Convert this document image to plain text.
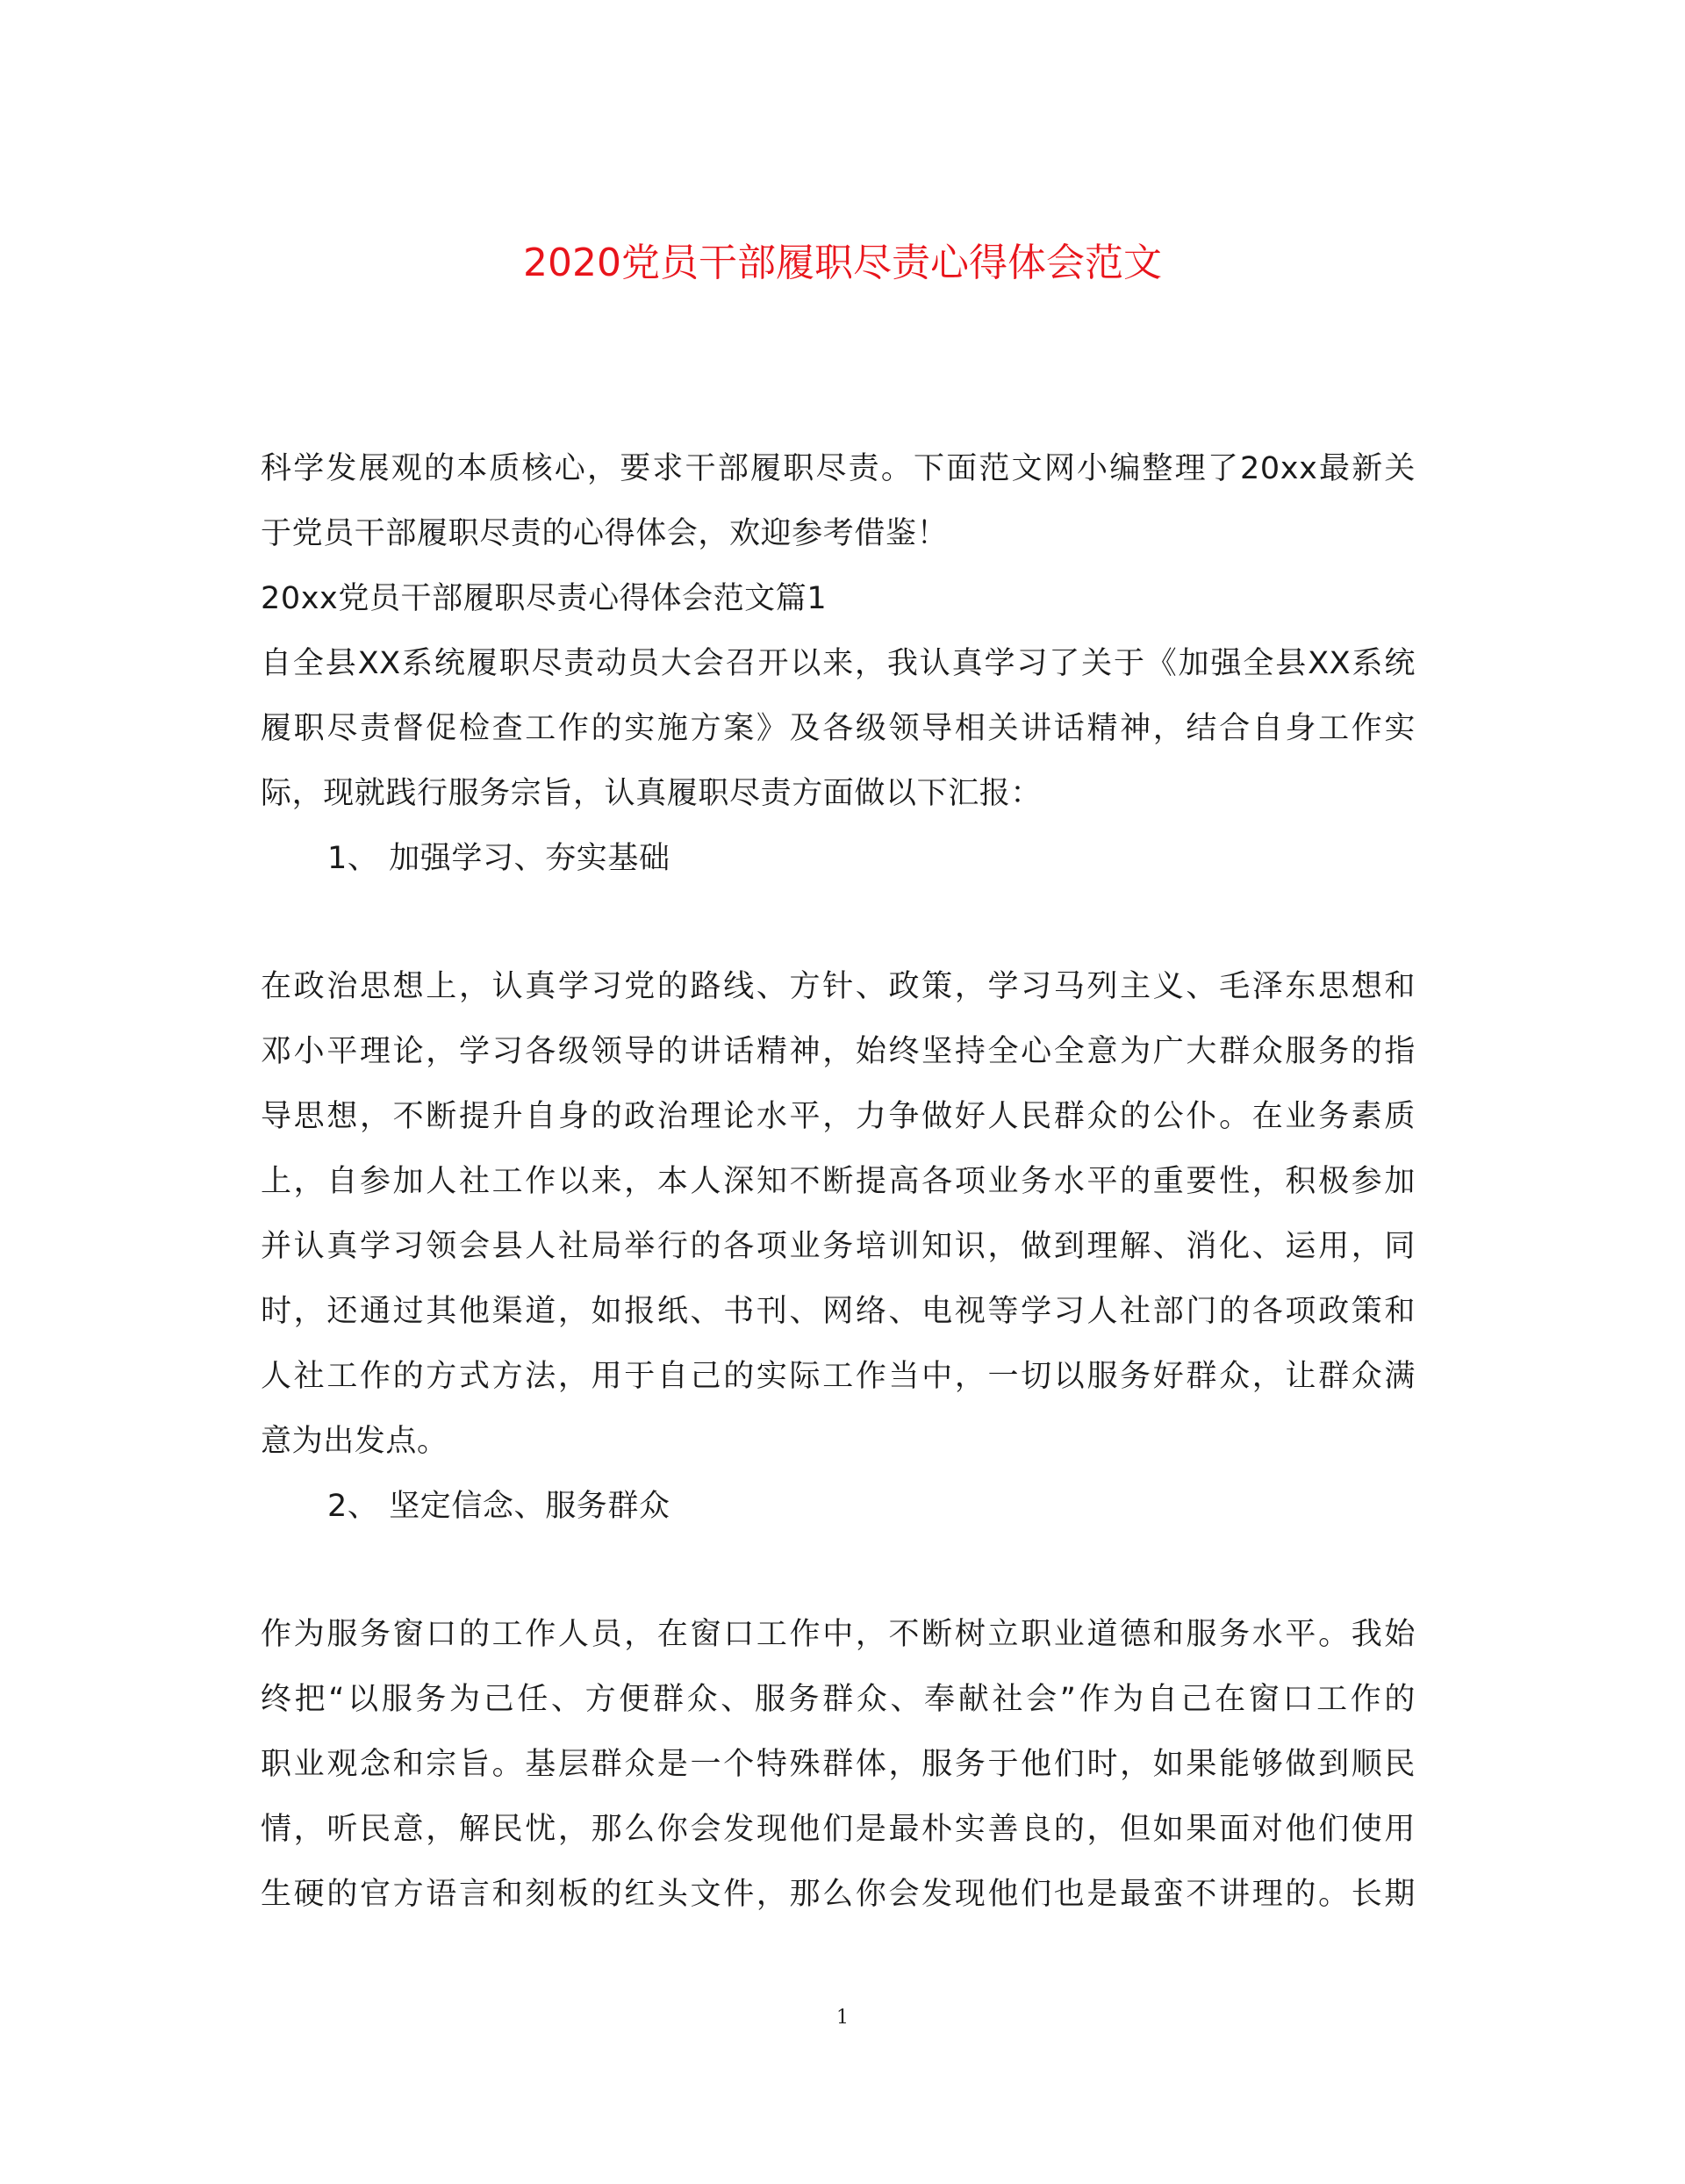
2020党员干部履职尽责心得体会范文
科学发展观的本质核心，要求干部履职尽责。下面范文网小编整理了20xx最新关
于党员干部履职尽责的心得体会，欢迎参考借鉴！
20xx党员干部履职尽责心得体会范文篇1
自全县XX系统履职尽责动员大会召开以来，我认真学习了关于《加强全县XX系统
履职尽责督促检查工作的实施方案》及各级领导相关讲话精神，结合自身工作实
际，现就践行服务宗旨，认真履职尽责方面做以下汇报：
1、 加强学习、夯实基础
在政治思想上，认真学习党的路线、方针、政策，学习马列主义、毛泽东思想和
邓小平理论，学习各级领导的讲话精神，始终坚持全心全意为广大群众服务的指
导思想，不断提升自身的政治理论水平，力争做好人民群众的公仆。在业务素质
上，自参加人社工作以来，本人深知不断提高各项业务水平的重要性，积极参加
并认真学习领会县人社局举行的各项业务培训知识，做到理解、消化、运用，同
时，还通过其他渠道，如报纸、书刊、网络、电视等学习人社部门的各项政策和
人社工作的方式方法，用于自己的实际工作当中，一切以服务好群众，让群众满
意为出发点。
2、 坚定信念、服务群众
作为服务窗口的工作人员，在窗口工作中，不断树立职业道德和服务水平。我始
终把“以服务为己任、方便群众、服务群众、奉献社会”作为自己在窗口工作的
职业观念和宗旨。基层群众是一个特殊群体，服务于他们时，如果能够做到顺民
情，听民意，解民忧，那么你会发现他们是最朴实善良的，但如果面对他们使用
生硬的官方语言和刻板的红头文件，那么你会发现他们也是最蛮不讲理的。长期
1
